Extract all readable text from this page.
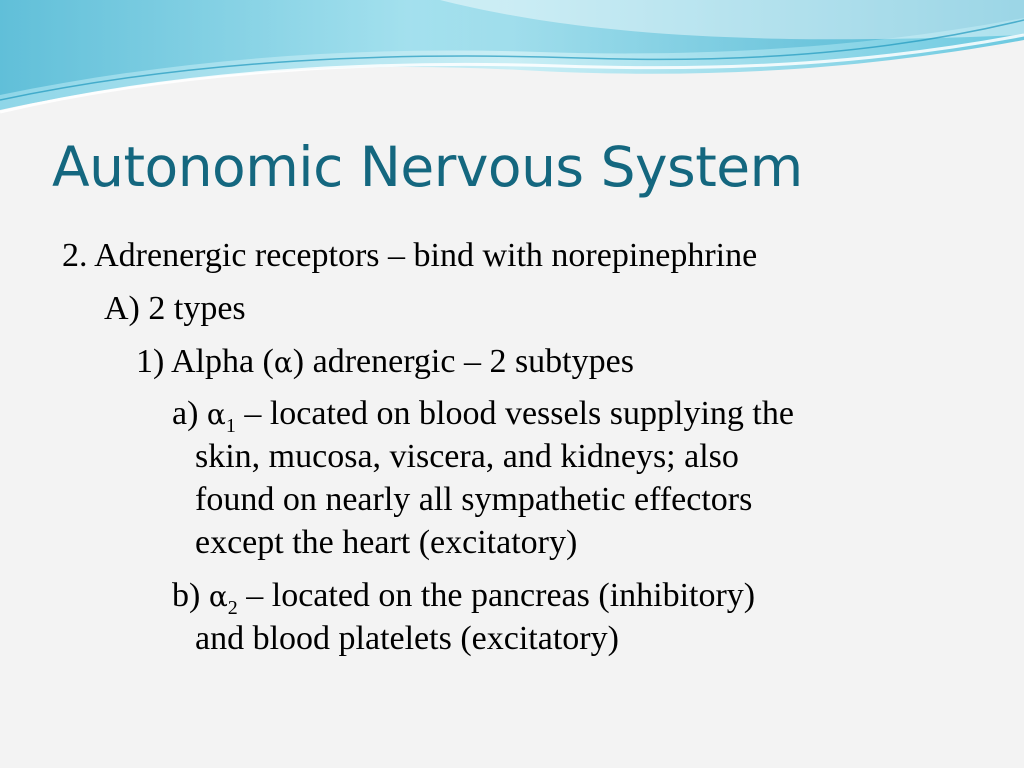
Autonomic Nervous System
2. Adrenergic receptors – bind with norepinephrine
A) 2 types
1) Alpha (α) adrenergic – 2 subtypes
a) $\alpha_1$ – located on blood vessels supplying the
skin, mucosa, viscera, and kidneys; also
found on nearly all sympathetic effectors
except the heart (excitatory)
b) $\alpha_2$ – located on the pancreas (inhibitory)
and blood platelets (excitatory)
